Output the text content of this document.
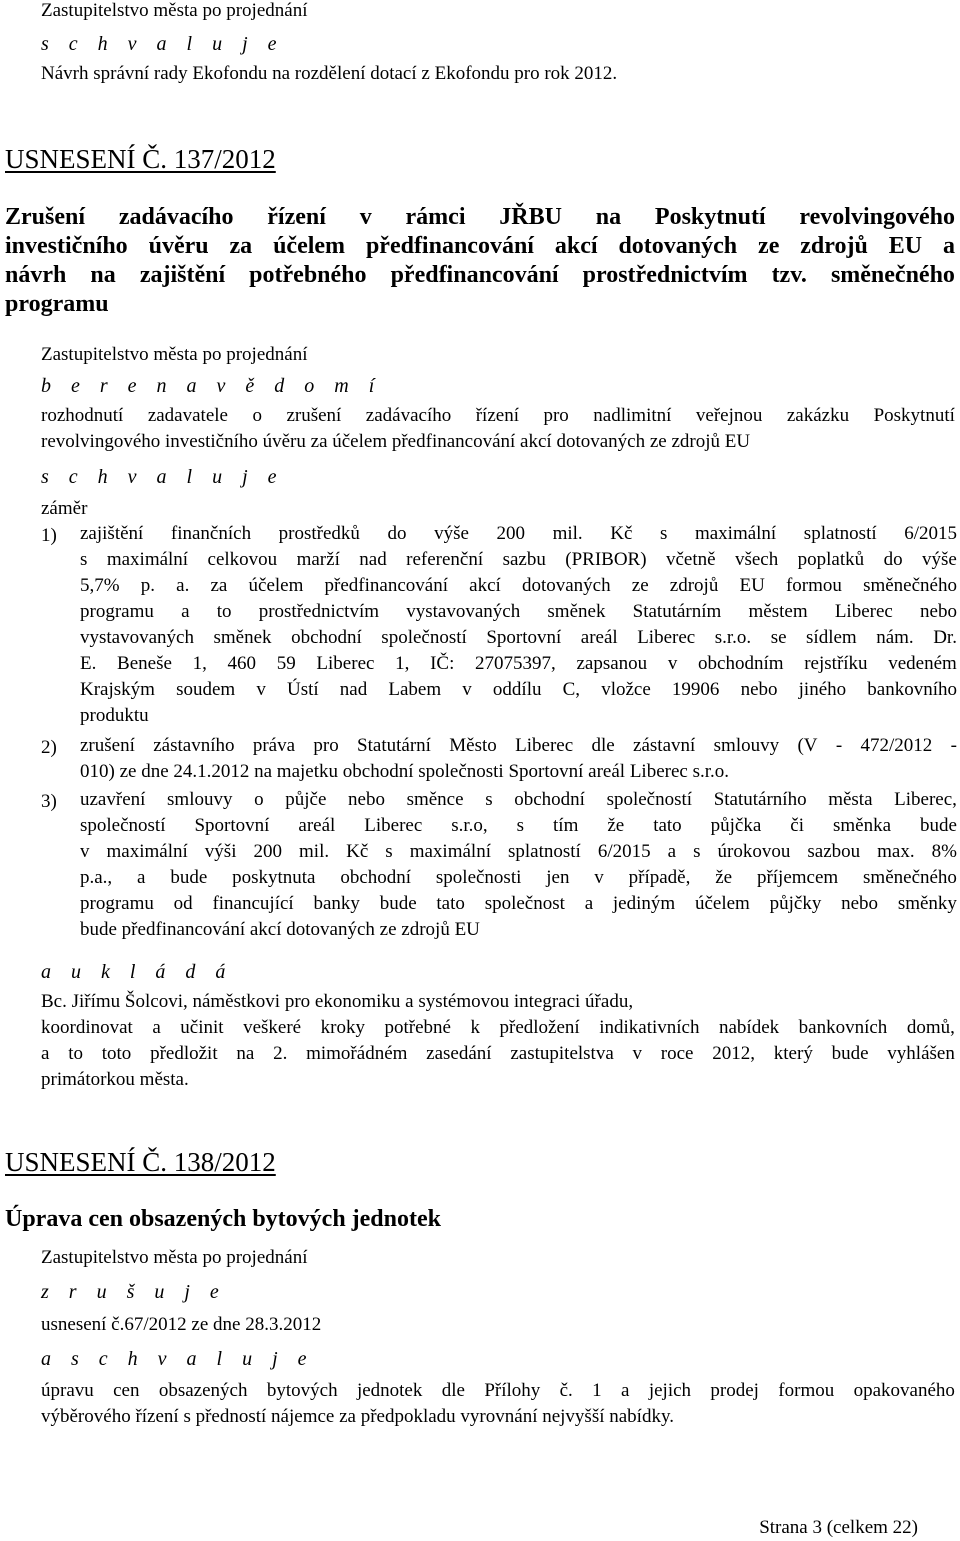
Zastupitelstvo města po projednání
s c h v a l u j e
Návrh správní rady Ekofondu na rozdělení dotací z Ekofondu pro rok 2012.
USNESENÍ Č. 137/2012
Zrušení zadávacího řízení v rámci JŘBU na Poskytnutí revolvingového
investičního úvěru za účelem předfinancování akcí dotovaných ze zdrojů EU a
návrh na zajištění potřebného předfinancování prostřednictvím tzv. směnečného
programu
Zastupitelstvo města po projednání
b e r e n a v ě d o m í
rozhodnutí zadavatele o zrušení zadávacího řízení pro nadlimitní veřejnou zakázku Poskytnutí
revolvingového investičního úvěru za účelem předfinancování akcí dotovaných ze zdrojů EU
s c h v a l u j e
záměr
1) zajištění finančních prostředků do výše 200 mil. Kč s maximální splatností 6/2015
s maximální celkovou marží nad referenční sazbu (PRIBOR) včetně všech poplatků do výše
5,7% p. a. za účelem předfinancování akcí dotovaných ze zdrojů EU formou směnečného
programu a to prostřednictvím vystavovaných směnek Statutárním městem Liberec nebo
vystavovaných směnek obchodní společností Sportovní areál Liberec s.r.o. se sídlem nám. Dr.
E. Beneše 1, 460 59 Liberec 1, IČ: 27075397, zapsanou v obchodním rejstříku vedeném
Krajským soudem v Ústí nad Labem v oddílu C, vložce 19906 nebo jiného bankovního
produktu
2) zrušení zástavního práva pro Statutární Město Liberec dle zástavní smlouvy (V - 472/2012 -
010) ze dne 24.1.2012 na majetku obchodní společnosti Sportovní areál Liberec s.r.o.
3) uzavření smlouvy o půjče nebo směnce s obchodní společností Statutárního města Liberec,
společností Sportovní areál Liberec s.r.o, s tím že tato půjčka či směnka bude
v maximální výši 200 mil. Kč s maximální splatností 6/2015 a s úrokovou sazbou max. 8%
p.a., a bude poskytnuta obchodní společnosti jen v případě, že příjemcem směnečného
programu od financující banky bude tato společnost a jediným účelem půjčky nebo směnky
bude předfinancování akcí dotovaných ze zdrojů EU
a u k l á d á
Bc. Jiřímu Šolcovi, náměstkovi pro ekonomiku a systémovou integraci úřadu,
koordinovat a učinit veškeré kroky potřebné k předložení indikativních nabídek bankovních domů,
a to toto předložit na 2. mimořádném zasedání zastupitelstva v roce 2012, který bude vyhlášen
primátorkou města.
USNESENÍ Č. 138/2012
Úprava cen obsazených bytových jednotek
Zastupitelstvo města po projednání
z r u š u j e
usnesení č.67/2012 ze dne 28.3.2012
a s c h v a l u j e
úpravu cen obsazených bytových jednotek dle Přílohy č. 1 a jejich prodej formou opakovaného
výběrového řízení s předností nájemce za předpokladu vyrovnání nejvyšší nabídky.
Strana 3 (celkem 22)
